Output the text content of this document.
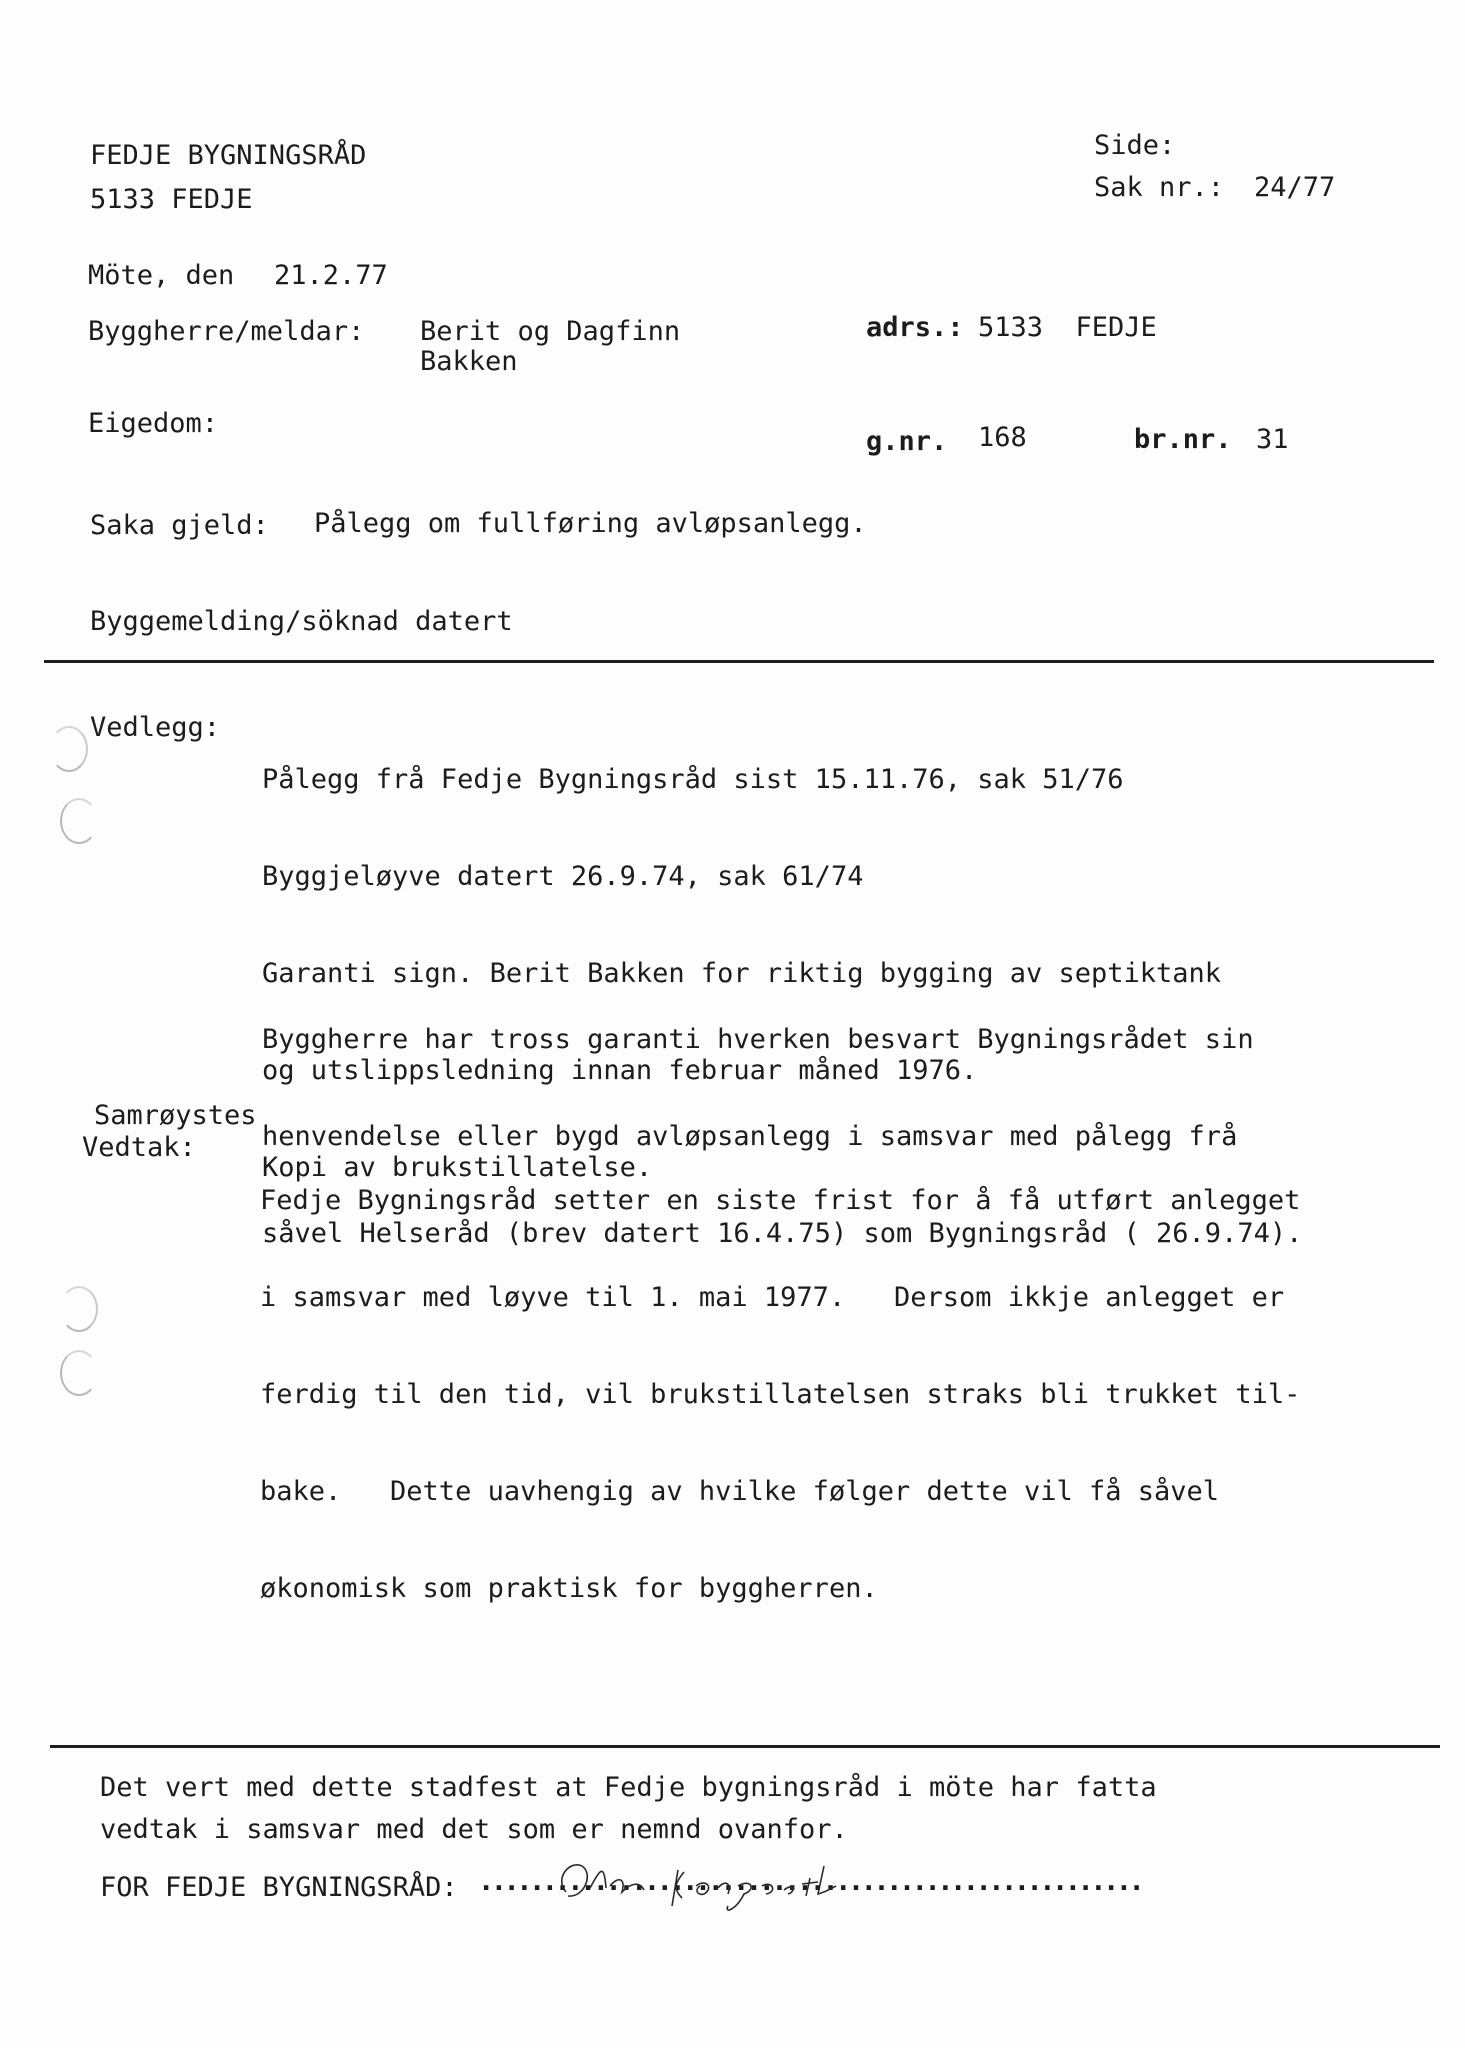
FEDJE BYGNINGSRÅD
5133 FEDJE
Side:
Sak nr.: 24/77
Möte, den 21.2.77
Byggherre/meldar: Berit og Dagfinn
Bakken
adrs.: 5133  FEDJE
Eigedom:
g.nr. 168	br.nr. 31
Saka gjeld: Pålegg om fullføring avløpsanlegg.
Byggemelding/söknad datert
Vedlegg:

Pålegg frå Fedje Bygningsråd sist 15.11.76, sak 51/76

Byggjeløyve datert 26.9.74, sak 61/74

Garanti sign. Berit Bakken for riktig bygging av septiktank

og utslippsledning innan februar måned 1976.

Kopi av brukstillatelse.

Byggherre har tross garanti hverken besvart Bygningsrådet sin

henvendelse eller bygd avløpsanlegg i samsvar med pålegg frå

såvel Helseråd (brev datert 16.4.75) som Bygningsråd ( 26.9.74).

Samrøystes
Vedtak:

Fedje Bygningsråd setter en siste frist for å få utført anlegget

i samsvar med løyve til 1. mai 1977.   Dersom ikkje anlegget er

ferdig til den tid, vil brukstillatelsen straks bli trukket til-

bake.   Dette uavhengig av hvilke følger dette vil få såvel

økonomisk som praktisk for byggherren.

Det vert med dette stadfest at Fedje bygningsråd i möte har fatta
vedtak i samsvar med det som er nemnd ovanfor.
FOR FEDJE BYGNINGSRÅD: ....................................................
